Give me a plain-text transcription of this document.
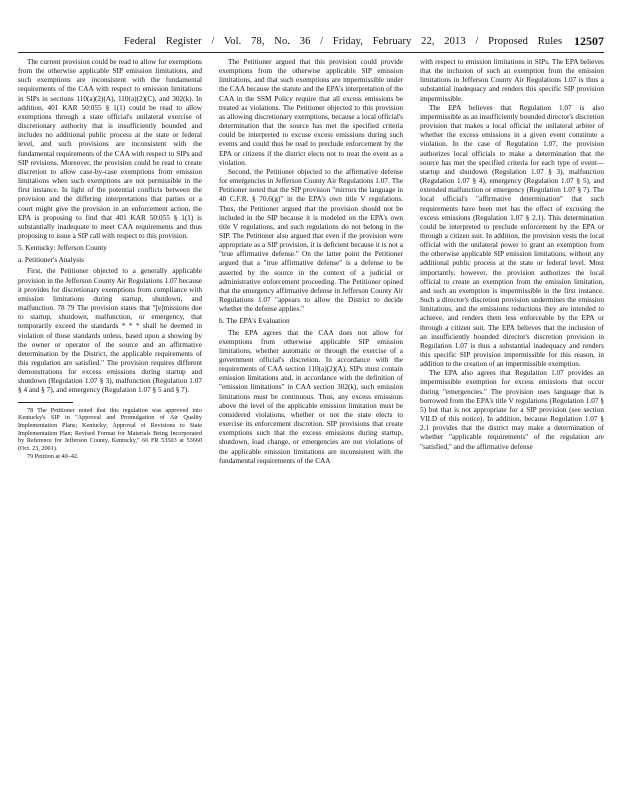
Federal Register / Vol. 78, No. 36 / Friday, February 22, 2013 / Proposed Rules 12507

The current provision could be read to allow for exemptions from the otherwise applicable SIP emission limitations, and such exemptions are inconsistent with the fundamental requirements of the CAA with respect to emission limitations in SIPs in sections 110(a)(2)(A), 110(a)(2)(C), and 302(k). In addition, 401 KAR 50:055 § 1(1) could be read to allow exemptions through a state official's unilateral exercise of discretionary authority that is insufficiently bounded and includes no additional public process at the state or federal level, and such provisions are inconsistent with the fundamental requirements of the CAA with respect to SIPs and SIP revisions. Moreover, the provision could be read to create discretion to allow case-by-case exemptions from emission limitations when such exemptions are not permissible in the first instance. In light of the potential conflicts between the provision and the differing interpretations that parties or a court might give the provision in an enforcement action, the EPA is proposing to find that 401 KAR 50:055 § 1(1) is substantially inadequate to meet CAA requirements and thus proposing to issue a SIP call with respect to this provision.

5. Kentucky: Jefferson County

a. Petitioner's Analysis

First, the Petitioner objected to a generally applicable provision in the Jefferson County Air Regulations 1.07 because it provides for discretionary exemptions from compliance with emission limitations during startup, shutdown, and malfunction. 78 79 The provision states that "[e]missions due to startup, shutdown, malfunction, or emergency, that temporarily exceed the standards * * * shall be deemed in violation of those standards unless, based upon a showing by the owner or operator of the source and an affirmative determination by the District, the applicable requirements of this regulation are satisfied." The provision requires different demonstrations for excess emissions during startup and shutdown (Regulation 1.07 § 3), malfunction (Regulation 1.07 § 4 and § 7), and emergency (Regulation 1.07 § 5 and § 7).

78 The Petitioner noted that this regulation was approved into Kentucky's SIP in "Approval and Promulgation of Air Quality Implementation Plans; Kentucky; Approval of Revisions to State Implementation Plan; Revised Format for Materials Being Incorporated by Reference for Jefferson County, Kentucky," 66 FR 53503 at 53660 (Oct. 23, 2001).

79 Petition at 40–42.

The Petitioner argued that this provision could provide exemptions from the otherwise applicable SIP emission limitations, and that such exemptions are impermissible under the CAA because the statute and the EPA's interpretation of the CAA in the SSM Policy require that all excess emissions be treated as violations. The Petitioner objected to this provision as allowing discretionary exemptions, because a local official's determination that the source has met the specified criteria could be interpreted to excuse excess emissions during such events and could thus be read to preclude enforcement by the EPA or citizens if the district elects not to treat the event as a violation.

Second, the Petitioner objected to the affirmative defense for emergencies in Jefferson County Air Regulations 1.07. The Petitioner noted that the SIP provision "mirrors the language in 40 C.F.R. § 70.6(g)" in the EPA's own title V regulations. Thus, the Petitioner argued that the provision should not be included in the SIP because it is modeled on the EPA's own title V regulations, and such regulations do not belong in the SIP. The Petitioner also argued that even if the provision were appropriate as a SIP provision, it is deficient because it is not a "true affirmative defense." On the latter point the Petitioner argued that a "true affirmative defense" is a defense to be asserted by the source in the context of a judicial or administrative enforcement proceeding. The Petitioner opined that the emergency affirmative defense in Jefferson County Air Regulations 1.07 "appears to allow the District to decide whether the defense applies."

b. The EPA's Evaluation

The EPA agrees that the CAA does not allow for exemptions from otherwise applicable SIP emission limitations, whether automatic or through the exercise of a government official's discretion. In accordance with the requirements of CAA section 110(a)(2)(A), SIPs must contain emission limitations and, in accordance with the definition of "emission limitations" in CAA section 302(k), such emission limitations must be continuous. Thus, any excess emissions above the level of the applicable emission limitation must be considered violations, whether or not the state elects to exercise its enforcement discretion. SIP provisions that create exemptions such that the excess emissions during startup, shutdown, load change, or emergencies are not violations of the applicable emission limitations are inconsistent with the fundamental requirements of the CAA

with respect to emission limitations in SIPs. The EPA believes that the inclusion of such an exemption from the emission limitations in Jefferson County Air Regulations 1.07 is thus a substantial inadequacy and renders this specific SIP provision impermissible.

The EPA believes that Regulation 1.07 is also impermissible as an insufficiently bounded director's discretion provision that makes a local official the unilateral arbiter of whether the excess emissions in a given event constitute a violation. In the case of Regulation 1.07, the provision authorizes local officials to make a determination that the source has met the specified criteria for each type of event—startup and shutdown (Regulation 1.07 § 3), malfunction (Regulation 1.07 § 4), emergency (Regulation 1.07 § 5), and extended malfunction or emergency (Regulation 1.07 § 7). The local official's "affirmative determination" that such requirements have been met has the effect of excusing the excess emissions (Regulation 1.07 § 2.1). This determination could be interpreted to preclude enforcement by the EPA or through a citizen suit. In addition, the provision vests the local official with the unilateral power to grant an exemption from the otherwise applicable SIP emission limitations, without any additional public process at the state or federal level. Most importantly, however, the provision authorizes the local official to create an exemption from the emission limitation, and such an exemption is impermissible in the first instance. Such a director's discretion provision undermines the emission limitations, and the emissions reductions they are intended to achieve, and renders them less enforceable by the EPA or through a citizen suit. The EPA believes that the inclusion of an insufficiently bounded director's discretion provision in Regulation 1.07 is thus a substantial inadequacy and renders this specific SIP provision impermissible for this reason, in addition to the creation of an impermissible exemption.

The EPA also agrees that Regulation 1.07 provides an impermissible exemption for excess emissions that occur during "emergencies." The provision uses language that is borrowed from the EPA's title V regulations (Regulation 1.07 § 5) but that is not appropriate for a SIP provision (see section VII.D of this notice). In addition, because Regulation 1.07 § 2.1 provides that the district may make a determination of whether "applicable requirements" of the regulation are "satisfied," and the affirmative defense
